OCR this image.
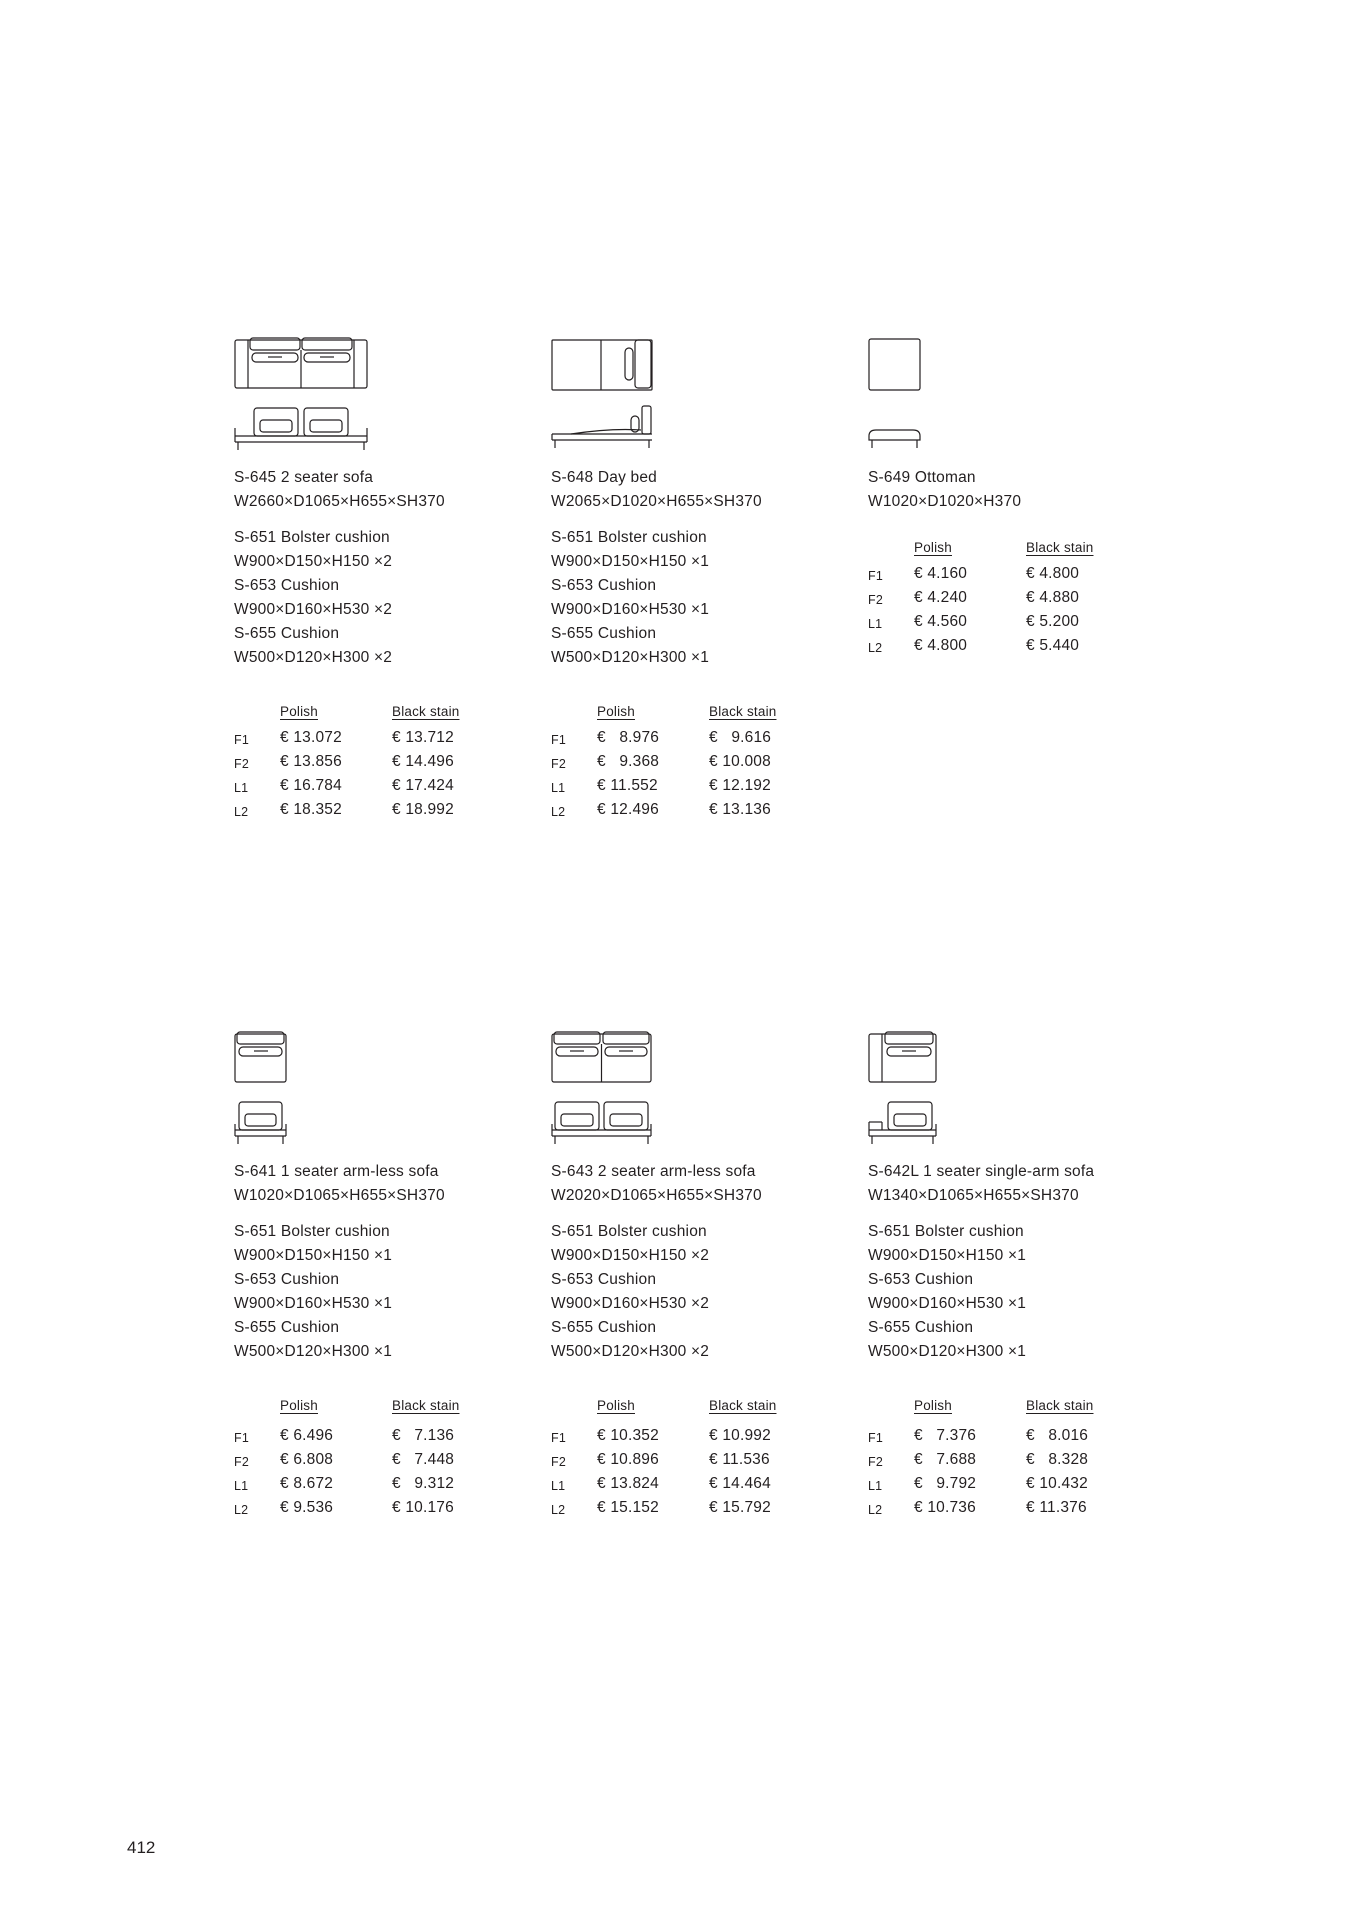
S-645 2 seater sofa
W2660×D1065×H655×SH370
S-651 Bolster cushion
W900×D150×H150 ×2
S-653 Cushion
W900×D160×H530 ×2
S-655 Cushion
W500×D120×H300 ×2
Polish	Black stain
F1 € 13.072	€ 13.712
F2 € 13.856	€ 14.496
L1 € 16.784	€ 17.424
L2 € 18.352	€ 18.992
S-648 Day bed
W2065×D1020×H655×SH370
S-651 Bolster cushion
W900×D150×H150 ×1
S-653 Cushion
W900×D160×H530 ×1
S-655 Cushion
W500×D120×H300 ×1
Polish	Black stain
F1 €   8.976	€   9.616
F2 €   9.368	€ 10.008
L1 € 11.552	€ 12.192
L2 € 12.496	€ 13.136
S-649 Ottoman
W1020×D1020×H370
Polish	Black stain
F1 € 4.160	€ 4.800
F2 € 4.240	€ 4.880
L1 € 4.560	€ 5.200
L2 € 4.800	€ 5.440
S-641 1 seater arm-less sofa
W1020×D1065×H655×SH370
S-651 Bolster cushion
W900×D150×H150 ×1
S-653 Cushion
W900×D160×H530 ×1
S-655 Cushion
W500×D120×H300 ×1
Polish	Black stain
F1 € 6.496	€   7.136
F2 € 6.808	€   7.448
L1 € 8.672	€   9.312
L2 € 9.536	€ 10.176
S-643 2 seater arm-less sofa
W2020×D1065×H655×SH370
S-651 Bolster cushion
W900×D150×H150 ×2
S-653 Cushion
W900×D160×H530 ×2
S-655 Cushion
W500×D120×H300 ×2
Polish	Black stain
F1 € 10.352	€ 10.992
F2 € 10.896	€ 11.536
L1 € 13.824	€ 14.464
L2 € 15.152	€ 15.792
S-642L 1 seater single-arm sofa
W1340×D1065×H655×SH370
S-651 Bolster cushion
W900×D150×H150 ×1
S-653 Cushion
W900×D160×H530 ×1
S-655 Cushion
W500×D120×H300 ×1
Polish	Black stain
F1 €   7.376	€   8.016
F2 €   7.688	€   8.328
L1 €   9.792	€ 10.432
L2 € 10.736	€ 11.376
412
